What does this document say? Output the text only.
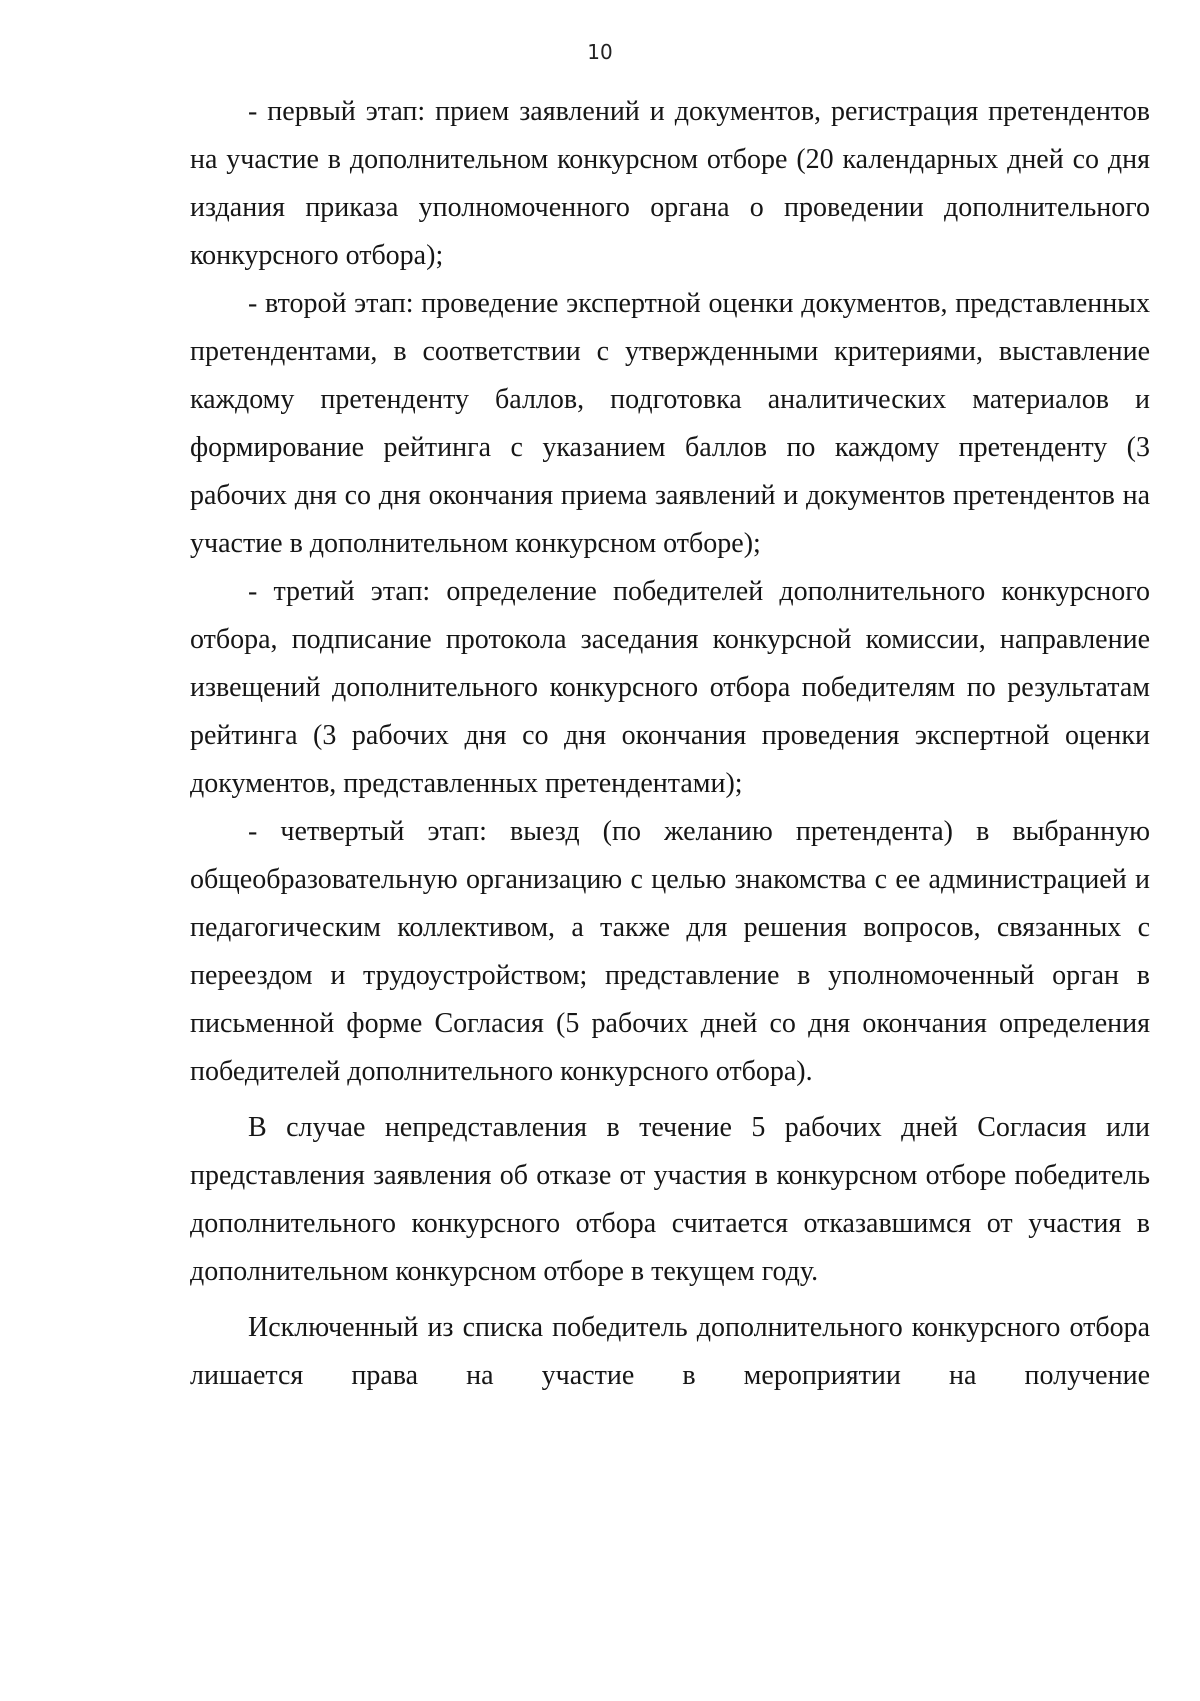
10

- первый этап: прием заявлений и документов, регистрация претендентов на участие в дополнительном конкурсном отборе (20 календарных дней со дня издания приказа уполномоченного органа о проведении дополнительного конкурсного отбора);

- второй этап: проведение экспертной оценки документов, представленных претендентами, в соответствии с утвержденными критериями, выставление каждому претенденту баллов, подготовка аналитических материалов и формирование рейтинга с указанием баллов по каждому претенденту (3 рабочих дня со дня окончания приема заявлений и документов претендентов на участие в дополнительном конкурсном отборе);

- третий этап: определение победителей дополнительного конкурсного отбора, подписание протокола заседания конкурсной комиссии, направление извещений дополнительного конкурсного отбора победителям по результатам рейтинга (3 рабочих дня со дня окончания проведения экспертной оценки документов, представленных претендентами);

- четвертый этап: выезд (по желанию претендента) в выбранную общеобразовательную организацию с целью знакомства с ее администрацией и педагогическим коллективом, а также для решения вопросов, связанных с переездом и трудоустройством; представление в уполномоченный орган в письменной форме Согласия (5 рабочих дней со дня окончания определения победителей дополнительного конкурсного отбора).

В случае непредставления в течение 5 рабочих дней Согласия или представления заявления об отказе от участия в конкурсном отборе победитель дополнительного конкурсного отбора считается отказавшимся от участия в дополнительном конкурсном отборе в текущем году.

Исключенный из списка победитель дополнительного конкурсного отбора лишается права на участие в мероприятии на получение
